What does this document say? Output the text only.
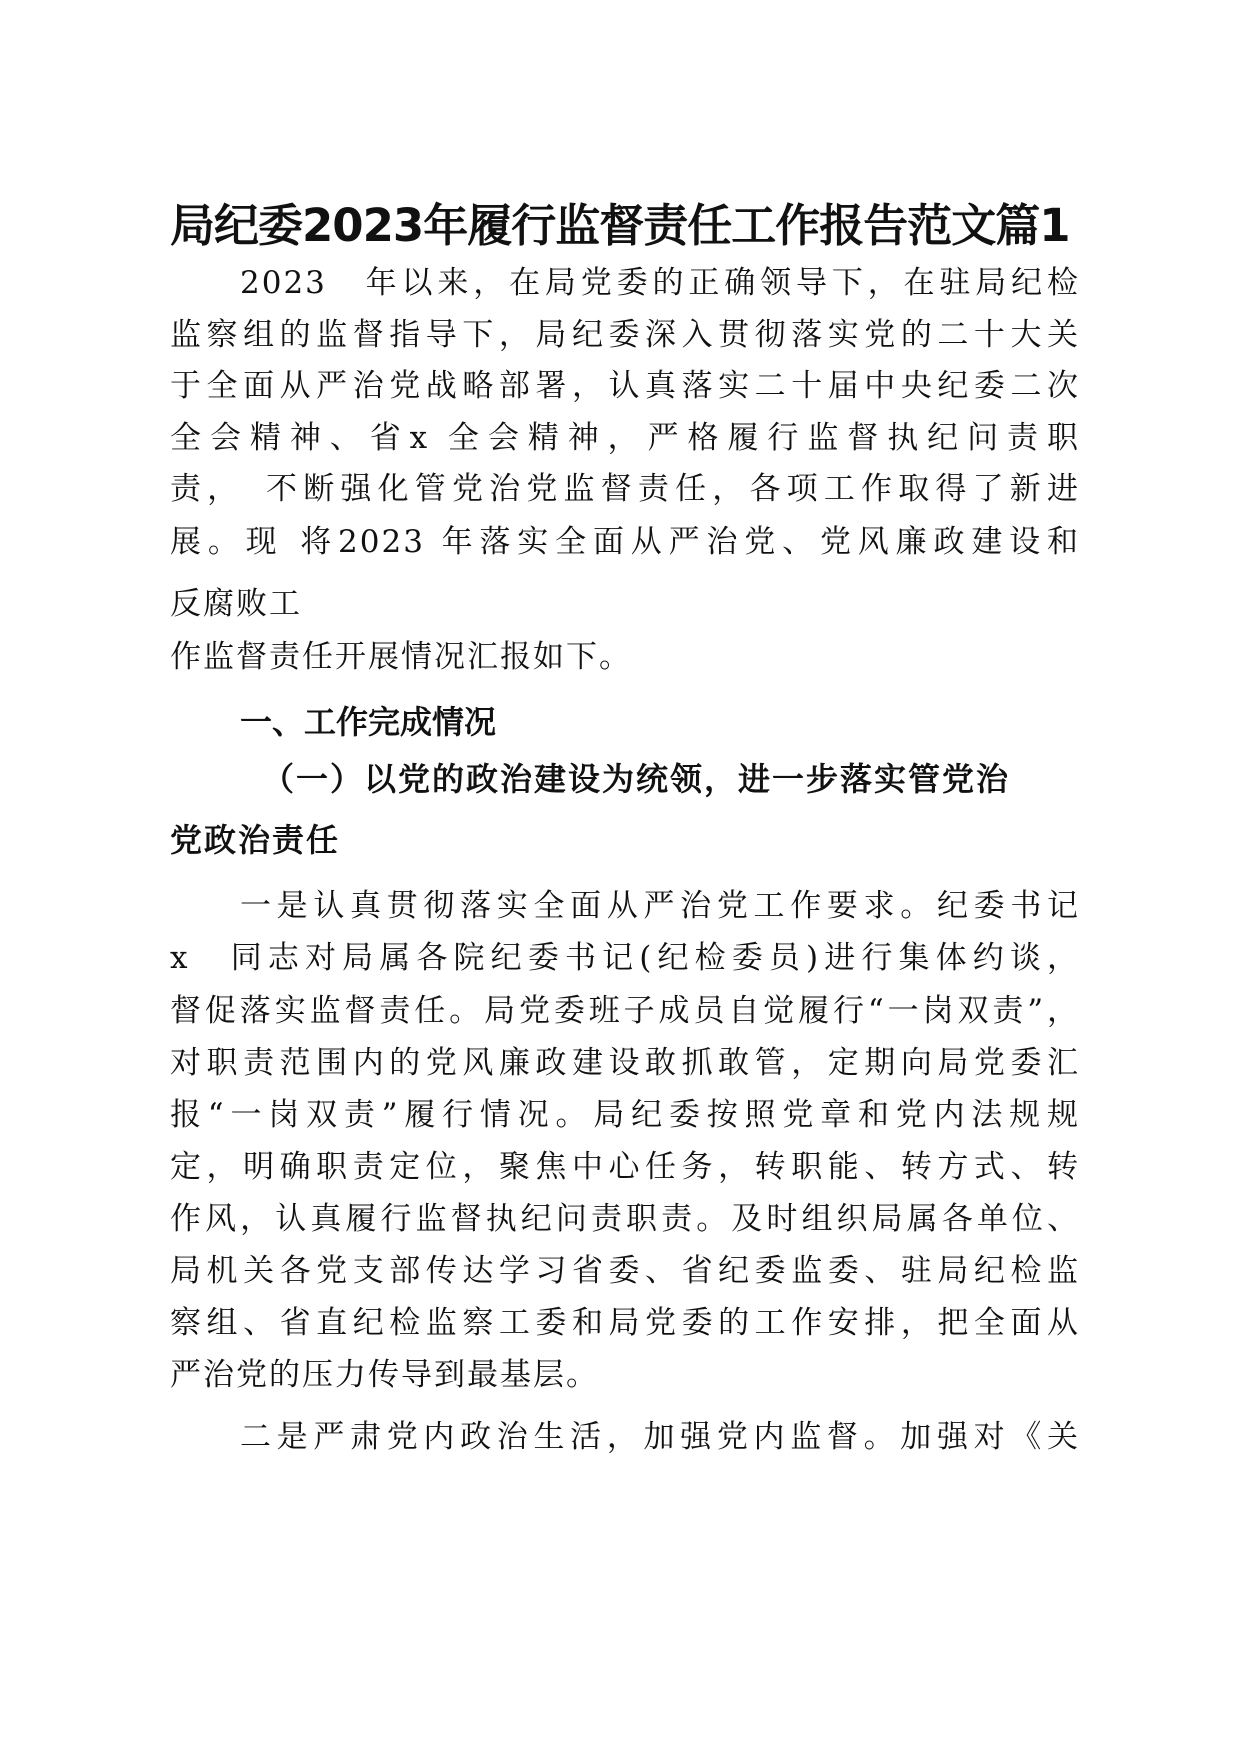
局纪委2023年履行监督责任工作报告范文篇1
2023　年以来，在局党委的正确领导下，在驻局纪检
监察组的监督指导下，局纪委深入贯彻落实党的二十大关
于全面从严治党战略部署，认真落实二十届中央纪委二次
全会精神、省x 全会精神，严格履行监督执纪问责职
责，　不断强化管党治党监督责任，各项工作取得了新进
展。现 将2023 年落实全面从严治党、党风廉政建设和
反腐败工
作监督责任开展情况汇报如下。
一、工作完成情况
（一）以党的政治建设为统领，进一步落实管党治
党政治责任
一是认真贯彻落实全面从严治党工作要求。纪委书记
x　同志对局属各院纪委书记(纪检委员)进行集体约谈，
督促落实监督责任。局党委班子成员自觉履行“一岗双责”，
对职责范围内的党风廉政建设敢抓敢管，定期向局党委汇
报“一岗双责”履行情况。局纪委按照党章和党内法规规
定，明确职责定位，聚焦中心任务，转职能、转方式、转
作风，认真履行监督执纪问责职责。及时组织局属各单位、
局机关各党支部传达学习省委、省纪委监委、驻局纪检监
察组、省直纪检监察工委和局党委的工作安排，把全面从
严治党的压力传导到最基层。
二是严肃党内政治生活，加强党内监督。加强对《关
